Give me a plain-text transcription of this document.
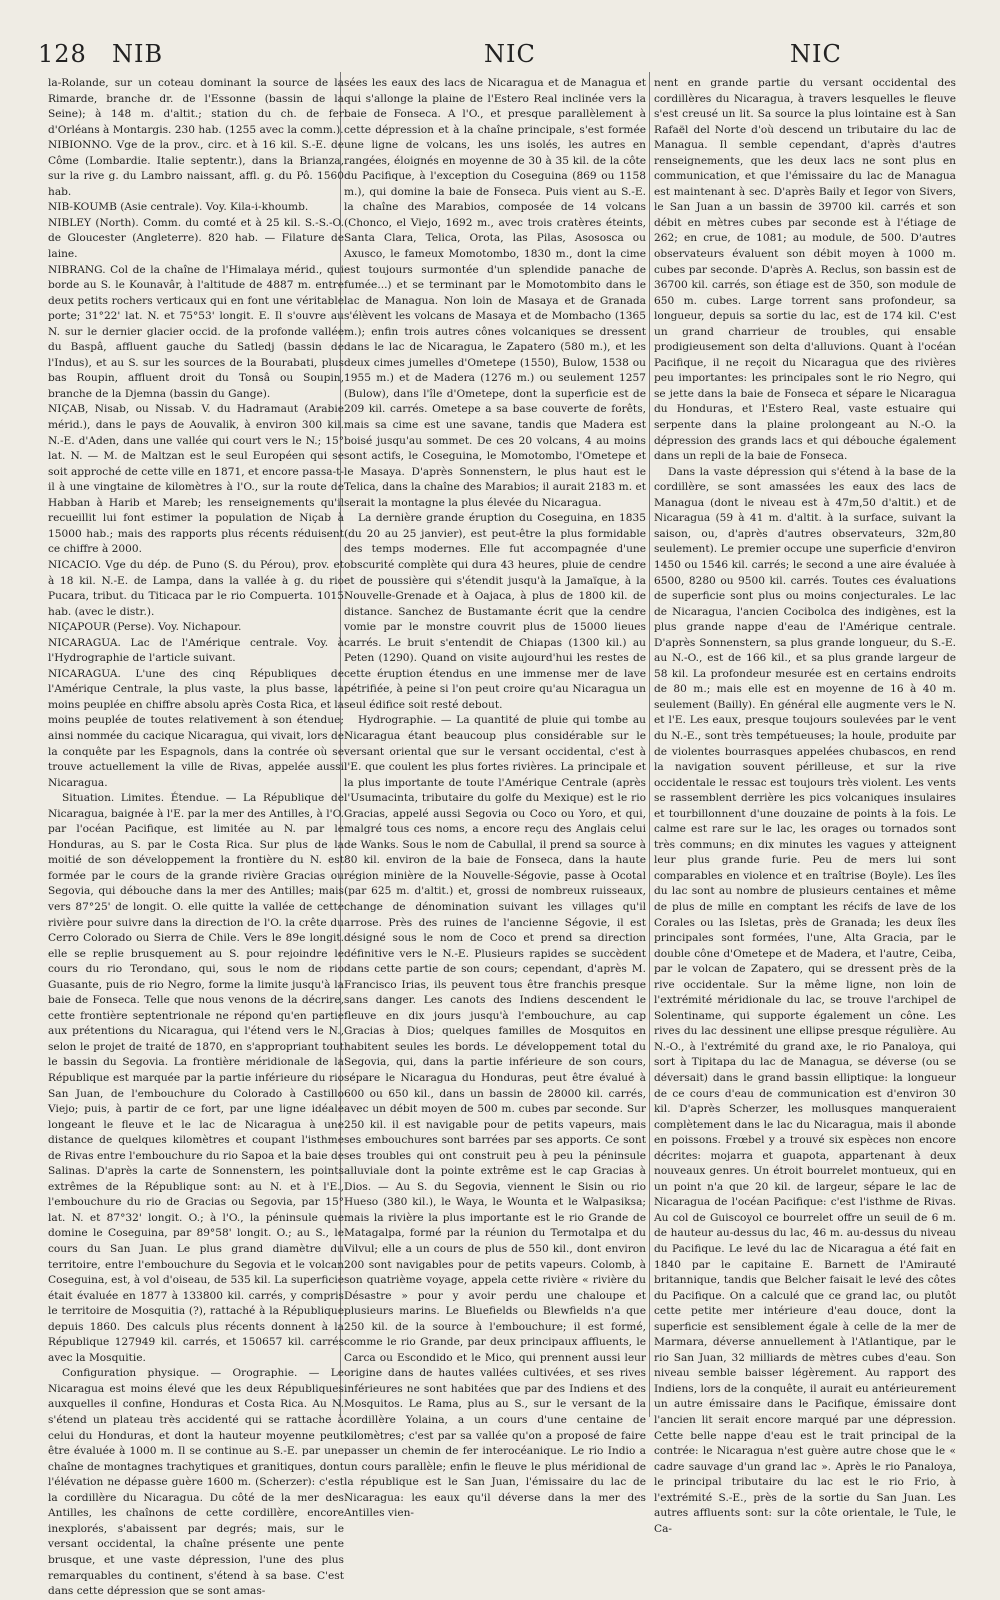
128 NIB	NIC	NIC

la-Rolande, sur un coteau dominant la source de la Rimarde, branche dr. de l'Essonne (bassin de la Seine); à 148 m. d'altit.; station du ch. de fer d'Orléans à Montargis. 230 hab. (1255 avec la comm.).

NIBIONNO. Vge de la prov., circ. et à 16 kil. S.-E. de Côme (Lombardie. Italie septentr.), dans la Brianza, sur la rive g. du Lambro naissant, affl. g. du Pô. 1560 hab.

NIB-KOUMB (Asie centrale). Voy. Kila-i-khoumb.

NIBLEY (North). Comm. du comté et à 25 kil. S.-S.-O. de Gloucester (Angleterre). 820 hab. — Filature de laine.

NIBRANG. Col de la chaîne de l'Himalaya mérid., qui borde au S. le Kounavâr, à l'altitude de 4887 m. entre deux petits rochers verticaux qui en font une véritable porte; 31°22' lat. N. et 75°53' longit. E. Il s'ouvre au N. sur le dernier glacier occid. de la profonde vallée du Baspâ, affluent gauche du Satledj (bassin de l'Indus), et au S. sur les sources de la Bourabati, plus bas Roupin, affluent droit du Tonsâ ou Soupin, branche de la Djemna (bassin du Gange).

NIÇAB, Nisab, ou Nissab. V. du Hadramaut (Arabie mérid.), dans le pays de Aouvalik, à environ 300 kil. N.-E. d'Aden, dans une vallée qui court vers le N.; 15° lat. N. — M. de Maltzan est le seul Européen qui se soit approché de cette ville en 1871, et encore passa-t-il à une vingtaine de kilomètres à l'O., sur la route de Habban à Harib et Mareb; les renseignements qu'il recueillit lui font estimer la population de Niçab à 15000 hab.; mais des rapports plus récents réduisent ce chiffre à 2000.

NICACIO. Vge du dép. de Puno (S. du Pérou), prov. et à 18 kil. N.-E. de Lampa, dans la vallée à g. du rio Pucara, tribut. du Titicaca par le rio Compuerta. 1015 hab. (avec le distr.).

NIÇAPOUR (Perse). Voy. Nichapour.

NICARAGUA. Lac de l'Amérique centrale. Voy. à l'Hydrographie de l'article suivant.

NICARAGUA. L'une des cinq Républiques de l'Amérique Centrale, la plus vaste, la plus basse, la moins peuplée en chiffre absolu après Costa Rica, et la moins peuplée de toutes relativement à son étendue; ainsi nommée du cacique Nicaragua, qui vivait, lors de la conquête par les Espagnols, dans la contrée où se trouve actuellement la ville de Rivas, appelée aussi Nicaragua.

Situation. Limites. Étendue. — La République de Nicaragua, baignée à l'E. par la mer des Antilles, à l'O. par l'océan Pacifique, est limitée au N. par le Honduras, au S. par le Costa Rica. Sur plus de la moitié de son développement la frontière du N. est formée par le cours de la grande rivière Gracias ou Segovia, qui débouche dans la mer des Antilles; mais vers 87°25' de longit. O. elle quitte la vallée de cette rivière pour suivre dans la direction de l'O. la crête du Cerro Colorado ou Sierra de Chile. Vers le 89e longit. elle se replie brusquement au S. pour rejoindre le cours du rio Terondano, qui, sous le nom de rio Guasante, puis de rio Negro, forme la limite jusqu'à la baie de Fonseca. Telle que nous venons de la décrire, cette frontière septentrionale ne répond qu'en partie aux prétentions du Nicaragua, qui l'étend vers le N., selon le projet de traité de 1870, en s'appropriant tout le bassin du Segovia. La frontière méridionale de la République est marquée par la partie inférieure du rio San Juan, de l'embouchure du Colorado à Castillo Viejo; puis, à partir de ce fort, par une ligne idéale longeant le fleuve et le lac de Nicaragua à une distance de quelques kilomètres et coupant l'isthme de Rivas entre l'embouchure du rio Sapoa et la baie de Salinas. D'après la carte de Sonnenstern, les points extrêmes de la République sont: au N. et à l'E., l'embouchure du rio de Gracias ou Segovia, par 15° lat. N. et 87°32' longit. O.; à l'O., la péninsule que domine le Coseguina, par 89°58' longit. O.; au S., le cours du San Juan. Le plus grand diamètre du territoire, entre l'embouchure du Segovia et le volcan Coseguina, est, à vol d'oiseau, de 535 kil. La superficie était évaluée en 1877 à 133800 kil. carrés, y compris le territoire de Mosquitia (?), rattaché à la République depuis 1860. Des calculs plus récents donnent à la République 127949 kil. carrés, et 150657 kil. carrés avec la Mosquitie.

Configuration physique. — Orographie. — Le Nicaragua est moins élevé que les deux Républiques auxquelles il confine, Honduras et Costa Rica. Au N. s'étend un plateau très accidenté qui se rattache à celui du Honduras, et dont la hauteur moyenne peut être évaluée à 1000 m. Il se continue au S.-E. par une chaîne de montagnes trachytiques et granitiques, dont l'élévation ne dépasse guère 1600 m. (Scherzer): c'est la cordillère du Nicaragua. Du côté de la mer des Antilles, les chaînons de cette cordillère, encore inexplorés, s'abaissent par degrés; mais, sur le versant occidental, la chaîne présente une pente brusque, et une vaste dépression, l'une des plus remarquables du continent, s'étend à sa base. C'est dans cette dépression que se sont amas-

sées les eaux des lacs de Nicaragua et de Managua et qui s'allonge la plaine de l'Estero Real inclinée vers la baie de Fonseca. A l'O., et presque parallèlement à cette dépression et à la chaîne principale, s'est formée une ligne de volcans, les uns isolés, les autres en rangées, éloignés en moyenne de 30 à 35 kil. de la côte du Pacifique, à l'exception du Coseguina (869 ou 1158 m.), qui domine la baie de Fonseca. Puis vient au S.-E. la chaîne des Marabios, composée de 14 volcans (Chonco, el Viejo, 1692 m., avec trois cratères éteints, Santa Clara, Telica, Orota, las Pilas, Asososca ou Axusco, le fameux Momotombo, 1830 m., dont la cime est toujours surmontée d'un splendide panache de fumée...) et se terminant par le Momotombito dans le lac de Managua. Non loin de Masaya et de Granada s'élèvent les volcans de Masaya et de Mombacho (1365 m.); enfin trois autres cônes volcaniques se dressent dans le lac de Nicaragua, le Zapatero (580 m.), et les deux cimes jumelles d'Ometepe (1550), Bulow, 1538 ou 1955 m.) et de Madera (1276 m.) ou seulement 1257 (Bulow), dans l'île d'Ometepe, dont la superficie est de 209 kil. carrés. Ometepe a sa base couverte de forêts, mais sa cime est une savane, tandis que Madera est boisé jusqu'au sommet. De ces 20 volcans, 4 au moins sont actifs, le Coseguina, le Momotombo, l'Ometepe et le Masaya. D'après Sonnenstern, le plus haut est le Telica, dans la chaîne des Marabios; il aurait 2183 m. et serait la montagne la plus élevée du Nicaragua.

La dernière grande éruption du Coseguina, en 1835 (du 20 au 25 janvier), est peut-être la plus formidable des temps modernes. Elle fut accompagnée d'une obscurité complète qui dura 43 heures, pluie de cendre et de poussière qui s'étendit jusqu'à la Jamaïque, à la Nouvelle-Grenade et à Oajaca, à plus de 1800 kil. de distance. Sanchez de Bustamante écrit que la cendre vomie par le monstre couvrit plus de 15000 lieues carrés. Le bruit s'entendit de Chiapas (1300 kil.) au Peten (1290). Quand on visite aujourd'hui les restes de cette éruption étendus en une immense mer de lave pétrifiée, à peine si l'on peut croire qu'au Nicaragua un seul édifice soit resté debout.

Hydrographie. — La quantité de pluie qui tombe au Nicaragua étant beaucoup plus considérable sur le versant oriental que sur le versant occidental, c'est à l'E. que coulent les plus fortes rivières. La principale et la plus importante de toute l'Amérique Centrale (après l'Usumacinta, tributaire du golfe du Mexique) est le rio Gracias, appelé aussi Segovia ou Coco ou Yoro, et qui, malgré tous ces noms, a encore reçu des Anglais celui de Wanks. Sous le nom de Cabullal, il prend sa source à 80 kil. environ de la baie de Fonseca, dans la haute région minière de la Nouvelle-Ségovie, passe à Ocotal (par 625 m. d'altit.) et, grossi de nombreux ruisseaux, change de dénomination suivant les villages qu'il arrose. Près des ruines de l'ancienne Ségovie, il est désigné sous le nom de Coco et prend sa direction définitive vers le N.-E. Plusieurs rapides se succèdent dans cette partie de son cours; cependant, d'après M. Francisco Irias, ils peuvent tous être franchis presque sans danger. Les canots des Indiens descendent le fleuve en dix jours jusqu'à l'embouchure, au cap Gracias à Dios; quelques familles de Mosquitos en habitent seules les bords. Le développement total du Segovia, qui, dans la partie inférieure de son cours, sépare le Nicaragua du Honduras, peut être évalué à 600 ou 650 kil., dans un bassin de 28000 kil. carrés, avec un débit moyen de 500 m. cubes par seconde. Sur 250 kil. il est navigable pour de petits vapeurs, mais ses embouchures sont barrées par ses apports. Ce sont ses troubles qui ont construit peu à peu la péninsule alluviale dont la pointe extrême est le cap Gracias à Dios. — Au S. du Segovia, viennent le Sisin ou rio Hueso (380 kil.), le Waya, le Wounta et le Walpasiksa; mais la rivière la plus importante est le rio Grande de Matagalpa, formé par la réunion du Termotalpa et du Vilvul; elle a un cours de plus de 550 kil., dont environ 200 sont navigables pour de petits vapeurs. Colomb, à son quatrième voyage, appela cette rivière « rivière du Désastre » pour y avoir perdu une chaloupe et plusieurs marins. Le Bluefields ou Blewfields n'a que 250 kil. de la source à l'embouchure; il est formé, comme le rio Grande, par deux principaux affluents, le Carca ou Escondido et le Mico, qui prennent aussi leur origine dans de hautes vallées cultivées, et ses rives inférieures ne sont habitées que par des Indiens et des Mosquitos. Le Rama, plus au S., sur le versant de la cordillère Yolaina, a un cours d'une centaine de kilomètres; c'est par sa vallée qu'on a proposé de faire passer un chemin de fer interocéanique. Le rio Indio a un cours parallèle; enfin le fleuve le plus méridional de la république est le San Juan, l'émissaire du lac de Nicaragua: les eaux qu'il déverse dans la mer des Antilles vien-

nent en grande partie du versant occidental des cordillères du Nicaragua, à travers lesquelles le fleuve s'est creusé un lit. Sa source la plus lointaine est à San Rafaël del Norte d'où descend un tributaire du lac de Managua. Il semble cependant, d'après d'autres renseignements, que les deux lacs ne sont plus en communication, et que l'émissaire du lac de Managua est maintenant à sec. D'après Baily et Iegor von Sivers, le San Juan a un bassin de 39700 kil. carrés et son débit en mètres cubes par seconde est à l'étiage de 262; en crue, de 1081; au module, de 500. D'autres observateurs évaluent son débit moyen à 1000 m. cubes par seconde. D'après A. Reclus, son bassin est de 36700 kil. carrés, son étiage est de 350, son module de 650 m. cubes. Large torrent sans profondeur, sa longueur, depuis sa sortie du lac, est de 174 kil. C'est un grand charrieur de troubles, qui ensable prodigieusement son delta d'alluvions. Quant à l'océan Pacifique, il ne reçoit du Nicaragua que des rivières peu importantes: les principales sont le rio Negro, qui se jette dans la baie de Fonseca et sépare le Nicaragua du Honduras, et l'Estero Real, vaste estuaire qui serpente dans la plaine prolongeant au N.-O. la dépression des grands lacs et qui débouche également dans un repli de la baie de Fonseca.

Dans la vaste dépression qui s'étend à la base de la cordillère, se sont amassées les eaux des lacs de Managua (dont le niveau est à 47m,50 d'altit.) et de Nicaragua (59 à 41 m. d'altit. à la surface, suivant la saison, ou, d'après d'autres observateurs, 32m,80 seulement). Le premier occupe une superficie d'environ 1450 ou 1546 kil. carrés; le second a une aire évaluée à 6500, 8280 ou 9500 kil. carrés. Toutes ces évaluations de superficie sont plus ou moins conjecturales. Le lac de Nicaragua, l'ancien Cocibolca des indigènes, est la plus grande nappe d'eau de l'Amérique centrale. D'après Sonnenstern, sa plus grande longueur, du S.-E. au N.-O., est de 166 kil., et sa plus grande largeur de 58 kil. La profondeur mesurée est en certains endroits de 80 m.; mais elle est en moyenne de 16 à 40 m. seulement (Bailly). En général elle augmente vers le N. et l'E. Les eaux, presque toujours soulevées par le vent du N.-E., sont très tempétueuses; la houle, produite par de violentes bourrasques appelées chubascos, en rend la navigation souvent périlleuse, et sur la rive occidentale le ressac est toujours très violent. Les vents se rassemblent derrière les pics volcaniques insulaires et tourbillonnent d'une douzaine de points à la fois. Le calme est rare sur le lac, les orages ou tornados sont très communs; en dix minutes les vagues y atteignent leur plus grande furie. Peu de mers lui sont comparables en violence et en traîtrise (Boyle). Les îles du lac sont au nombre de plusieurs centaines et même de plus de mille en comptant les récifs de lave de los Corales ou las Isletas, près de Granada; les deux îles principales sont formées, l'une, Alta Gracia, par le double cône d'Ometepe et de Madera, et l'autre, Ceiba, par le volcan de Zapatero, qui se dressent près de la rive occidentale. Sur la même ligne, non loin de l'extrémité méridionale du lac, se trouve l'archipel de Solentiname, qui supporte également un cône. Les rives du lac dessinent une ellipse presque régulière. Au N.-O., à l'extrémité du grand axe, le rio Panaloya, qui sort à Tipitapa du lac de Managua, se déverse (ou se déversait) dans le grand bassin elliptique: la longueur de ce cours d'eau de communication est d'environ 30 kil. D'après Scherzer, les mollusques manqueraient complètement dans le lac du Nicaragua, mais il abonde en poissons. Frœbel y a trouvé six espèces non encore décrites: mojarra et guapota, appartenant à deux nouveaux genres. Un étroit bourrelet montueux, qui en un point n'a que 20 kil. de largeur, sépare le lac de Nicaragua de l'océan Pacifique: c'est l'isthme de Rivas. Au col de Guiscoyol ce bourrelet offre un seuil de 6 m. de hauteur au-dessus du lac, 46 m. au-dessus du niveau du Pacifique. Le levé du lac de Nicaragua a été fait en 1840 par le capitaine E. Barnett de l'Amirauté britannique, tandis que Belcher faisait le levé des côtes du Pacifique. On a calculé que ce grand lac, ou plutôt cette petite mer intérieure d'eau douce, dont la superficie est sensiblement égale à celle de la mer de Marmara, déverse annuellement à l'Atlantique, par le rio San Juan, 32 milliards de mètres cubes d'eau. Son niveau semble baisser légèrement. Au rapport des Indiens, lors de la conquête, il aurait eu antérieurement un autre émissaire dans le Pacifique, émissaire dont l'ancien lit serait encore marqué par une dépression. Cette belle nappe d'eau est le trait principal de la contrée: le Nicaragua n'est guère autre chose que le « cadre sauvage d'un grand lac ». Après le rio Panaloya, le principal tributaire du lac est le rio Frio, à l'extrémité S.-E., près de la sortie du San Juan. Les autres affluents sont: sur la côte orientale, le Tule, le Ca-
